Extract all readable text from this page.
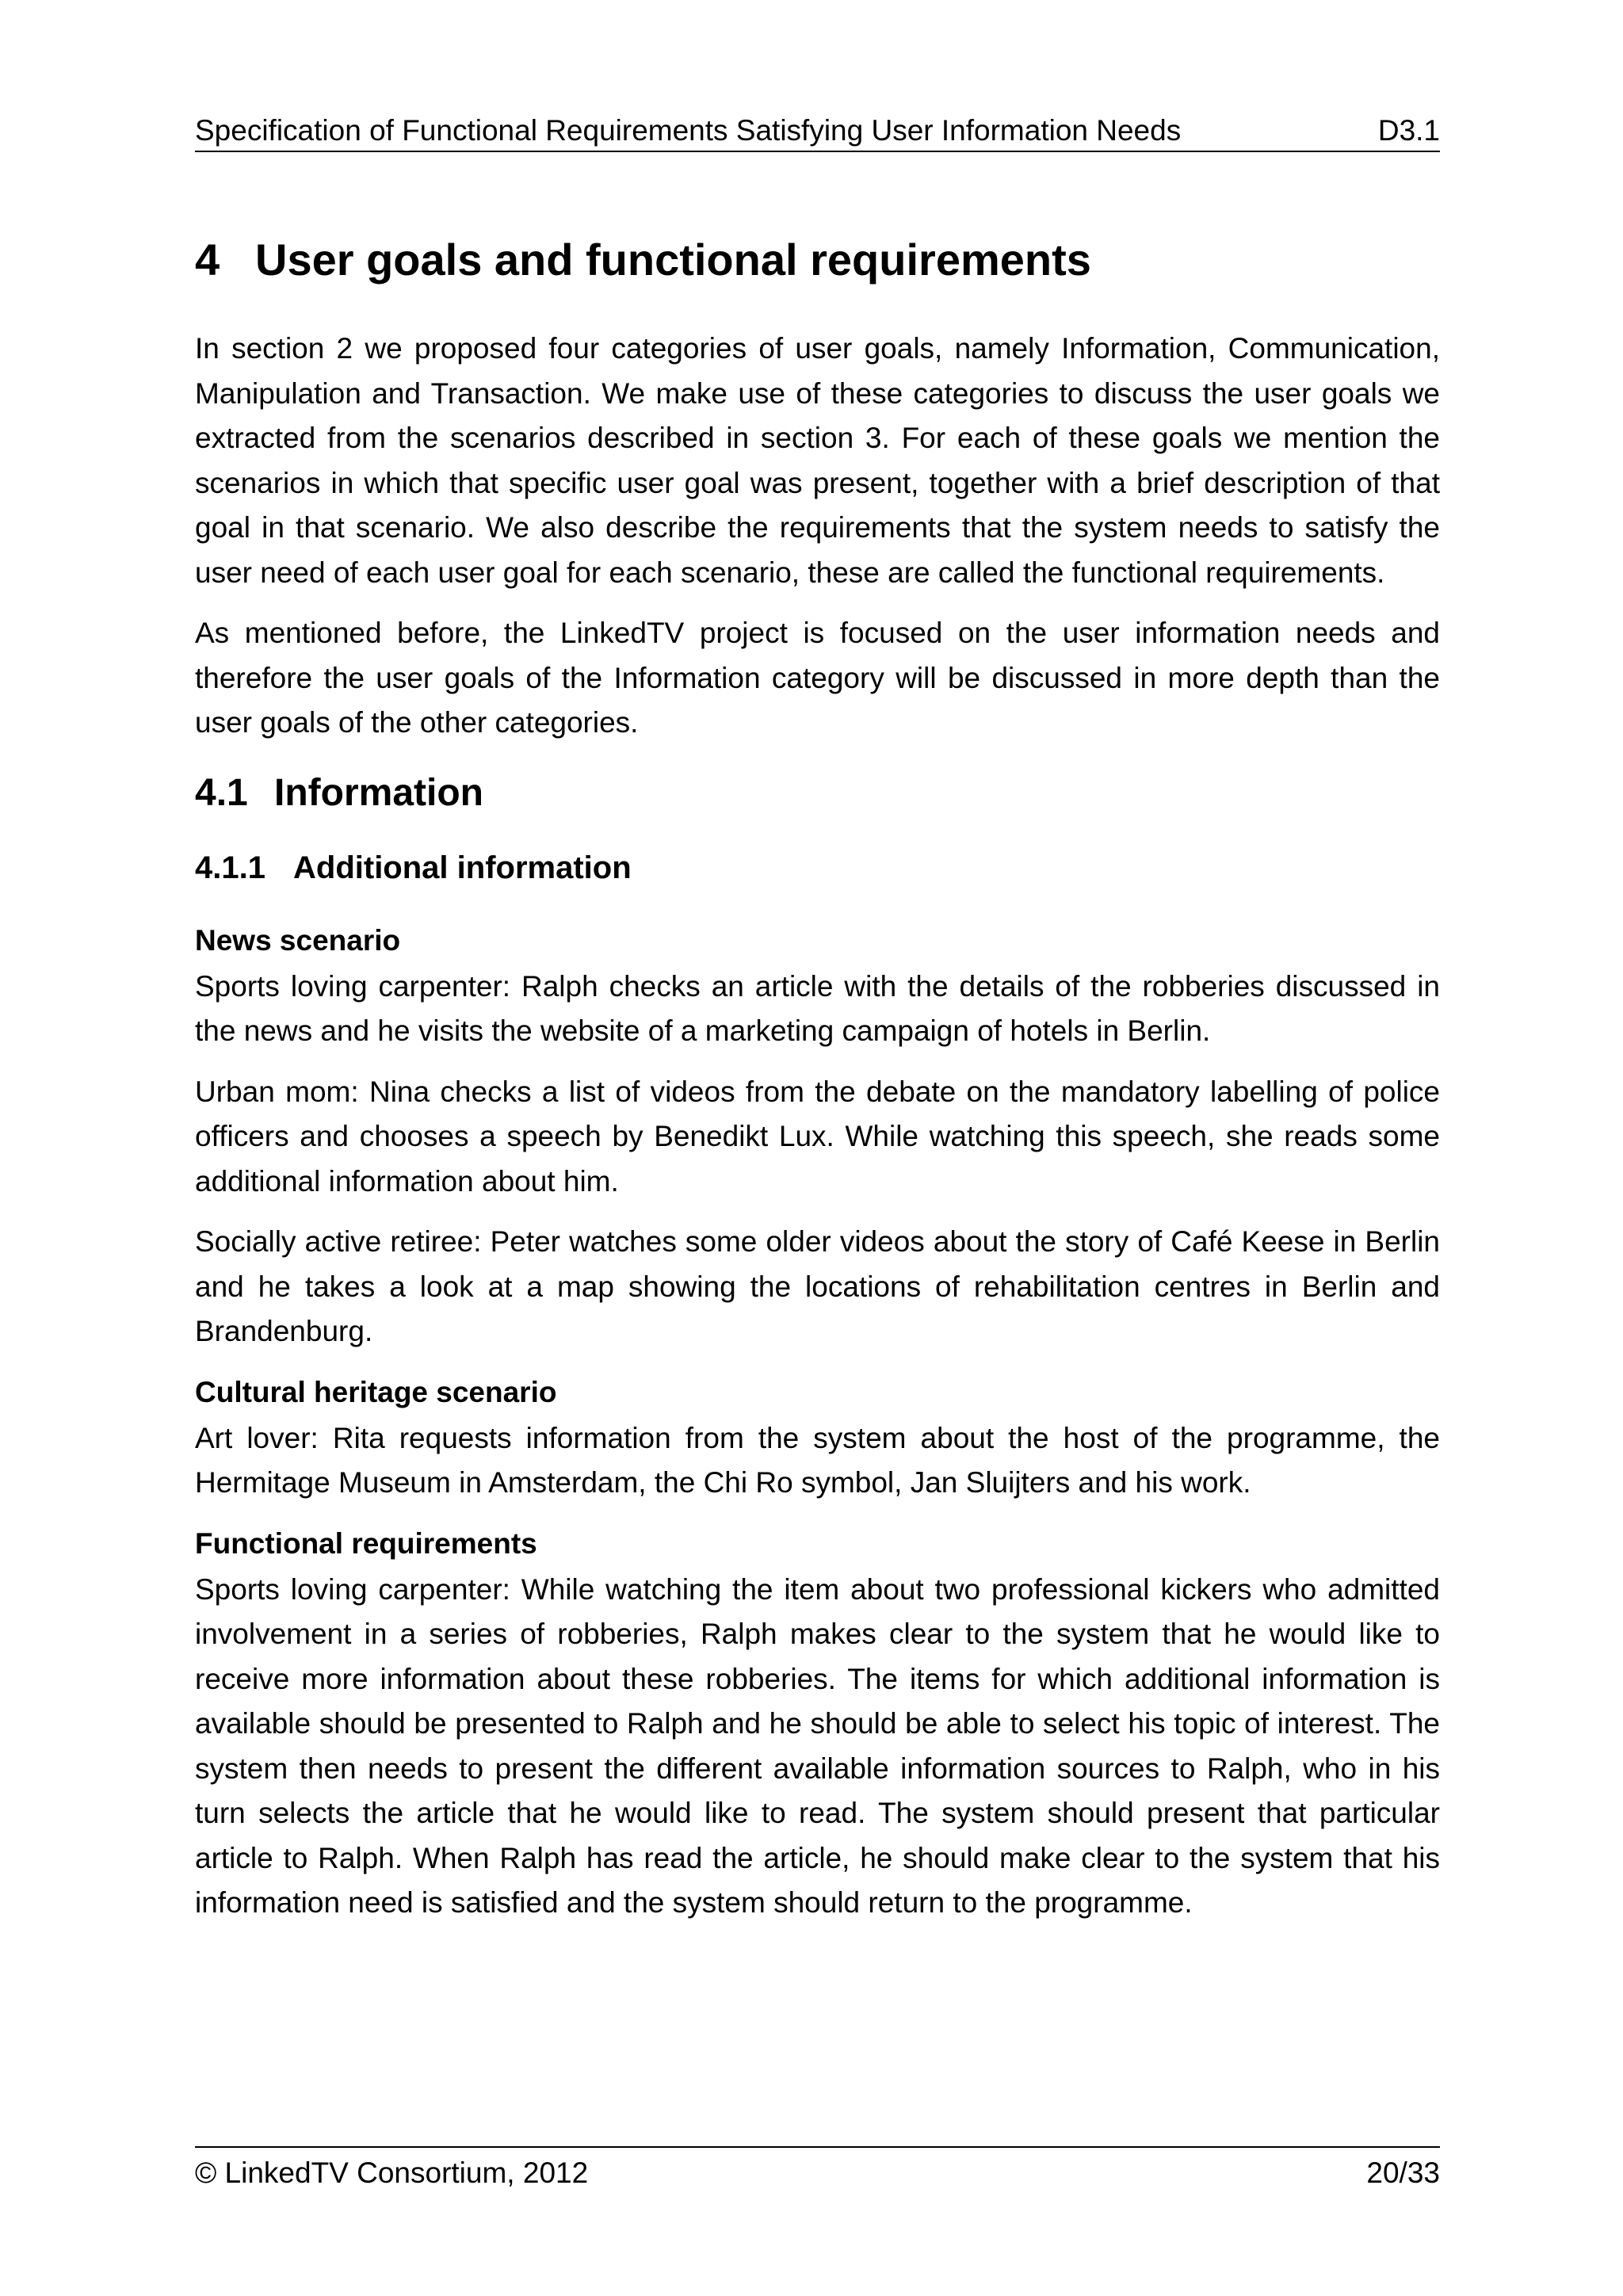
Specification of Functional Requirements Satisfying User Information Needs	D3.1
4 User goals and functional requirements

In section 2 we proposed four categories of user goals, namely Information, Communication, Manipulation and Transaction. We make use of these categories to discuss the user goals we extracted from the scenarios described in section 3. For each of these goals we mention the scenarios in which that specific user goal was present, together with a brief description of that goal in that scenario. We also describe the requirements that the system needs to satisfy the user need of each user goal for each scenario, these are called the functional requirements.

As mentioned before, the LinkedTV project is focused on the user information needs and therefore the user goals of the Information category will be discussed in more depth than the user goals of the other categories.

4.1 Information
4.1.1 Additional information
News scenario

Sports loving carpenter: Ralph checks an article with the details of the robberies discussed in the news and he visits the website of a marketing campaign of hotels in Berlin.

Urban mom: Nina checks a list of videos from the debate on the mandatory labelling of police officers and chooses a speech by Benedikt Lux. While watching this speech, she reads some additional information about him.

Socially active retiree: Peter watches some older videos about the story of Café Keese in Berlin and he takes a look at a map showing the locations of rehabilitation centres in Berlin and Brandenburg.

Cultural heritage scenario

Art lover: Rita requests information from the system about the host of the programme, the Hermitage Museum in Amsterdam, the Chi Ro symbol, Jan Sluijters and his work.

Functional requirements

Sports loving carpenter: While watching the item about two professional kickers who admitted involvement in a series of robberies, Ralph makes clear to the system that he would like to receive more information about these robberies. The items for which additional information is available should be presented to Ralph and he should be able to select his topic of interest. The system then needs to present the different available information sources to Ralph, who in his turn selects the article that he would like to read. The system should present that particular article to Ralph. When Ralph has read the article, he should make clear to the system that his information need is satisfied and the system should return to the programme.

© LinkedTV Consortium, 2012	20/33
